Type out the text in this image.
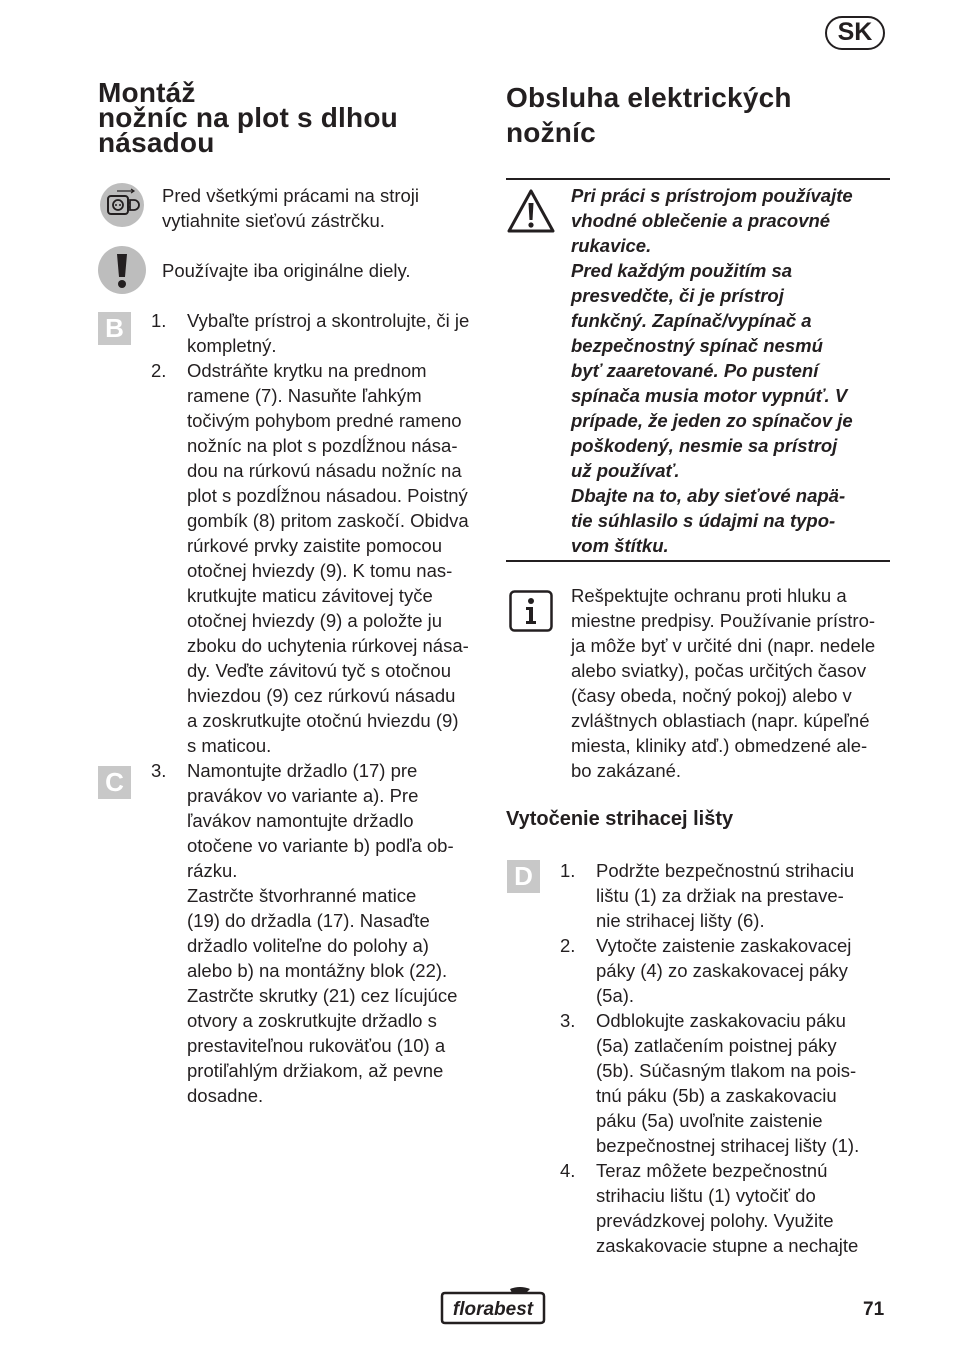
SK
Montáž
nožníc na plot s dlhou
násadou
Pred všetkými prácami na stroji
vytiahnite sieťovú zástrčku.
Používajte iba originálne diely.
B	1.	Vybaľte prístroj a skontrolujte, či je
kompletný.
2.	Odstráňte krytku na prednom
ramene (7). Nasuňte ľahkým
točivým pohybom predné rameno
nožníc na plot s pozdĺžnou nása-
dou na rúrkovú násadu nožníc na
plot s pozdĺžnou násadou. Poistný
gombík (8) pritom zaskočí. Obidva
rúrkové prvky zaistite pomocou
otočnej hviezdy (9). K tomu nas-
krutkujte maticu závitovej tyče
otočnej hviezdy (9) a položte ju
zboku do uchytenia rúrkovej nása-
dy. Veďte závitovú tyč s otočnou
hviezdou (9) cez rúrkovú násadu
a zoskrutkujte otočnú hviezdu (9)
s maticou.
C	3.	Namontujte držadlo (17) pre
pravákov vo variante a). Pre
ľavákov namontujte držadlo
otočene vo variante b) podľa ob-
rázku.
Zastrčte štvorhranné matice
(19) do držadla (17). Nasaďte
držadlo voliteľne do polohy a)
alebo b) na montážny blok (22).
Zastrčte skrutky (21) cez lícujúce
otvory a zoskrutkujte držadlo s
prestaviteľnou rukoväťou (10) a
protiľahlým držiakom, až pevne
dosadne.
Obsluha elektrických
nožníc
Pri práci s prístrojom používajte
vhodné oblečenie a pracovné
rukavice.
Pred každým použitím sa
presvedčte, či je prístroj
funkčný. Zapínač/vypínač a
bezpečnostný spínač nesmú
byť zaaretované. Po pustení
spínača musia motor vypnúť. V
prípade, že jeden zo spínačov je
poškodený, nesmie sa prístroj
už používať.
Dbajte na to, aby sieťové napä-
tie súhlasilo s údajmi na typo-
vom štítku.
Rešpektujte ochranu proti hluku a
miestne predpisy. Používanie prístro-
ja môže byť v určité dni (napr. nedele
alebo sviatky), počas určitých časov
(časy obeda, nočný pokoj) alebo v
zvláštnych oblastiach (napr. kúpeľné
miesta, kliniky atď.) obmedzené ale-
bo zakázané.
Vytočenie strihacej lišty
D	1.	Podržte bezpečnostnú strihaciu
lištu (1) za držiak na prestave-
nie strihacej lišty (6).
2.	Vytočte zaistenie zaskakovacej
páky (4) zo zaskakovacej páky
(5a).
3.	Odblokujte zaskakovaciu páku
(5a) zatlačením poistnej páky
(5b). Súčasným tlakom na pois-
tnú páku (5b) a zaskakovaciu
páku (5a) uvoľnite zaistenie
bezpečnostnej strihacej lišty (1).
4.	Teraz môžete bezpečnostnú
strihaciu lištu (1) vytočiť do
prevádzkovej polohy. Využite
zaskakovacie stupne a nechajte
florabest	71
